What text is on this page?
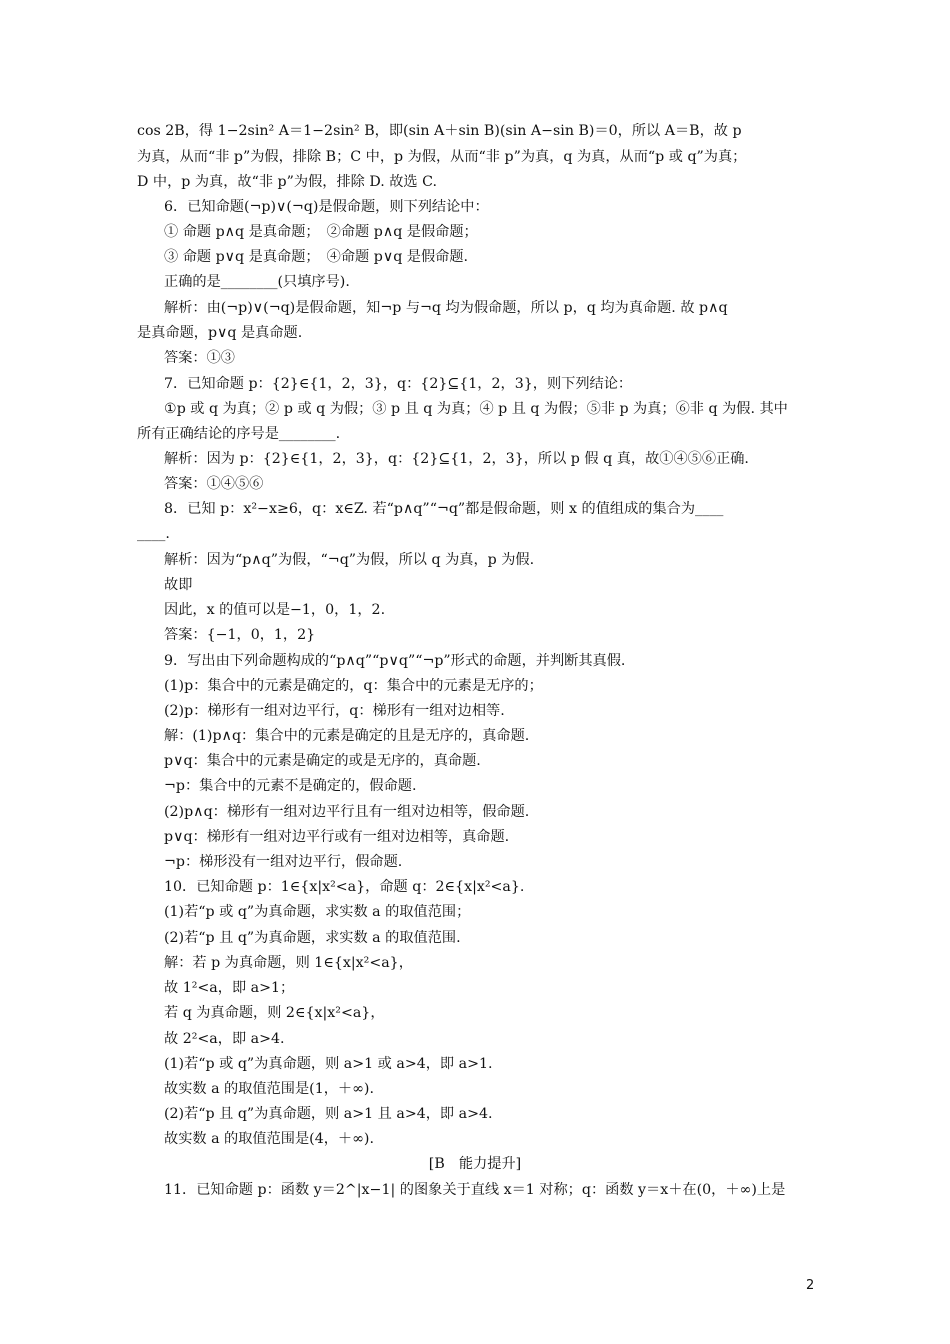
cos 2B，得 1−2sin² A＝1−2sin² B，即(sin A＋sin B)(sin A−sin B)＝0，所以 A＝B，故 p
为真，从而“非 p”为假，排除 B；C 中，p 为假，从而“非 p”为真，q 为真，从而“p 或 q”为真；
D 中，p 为真，故“非 p”为假，排除 D. 故选 C.
6．已知命题(¬p)∨(¬q)是假命题，则下列结论中：
① 命题 p∧q 是真命题；　②命题 p∧q 是假命题；
③ 命题 p∨q 是真命题；　④命题 p∨q 是假命题.
正确的是________(只填序号).
解析：由(¬p)∨(¬q)是假命题，知¬p 与¬q 均为假命题，所以 p，q 均为真命题. 故 p∧q
是真命题，p∨q 是真命题.
答案：①③
7．已知命题 p：{2}∈{1，2，3}，q：{2}⊆{1，2，3}，则下列结论：
①p 或 q 为真；② p 或 q 为假；③ p 且 q 为真；④ p 且 q 为假；⑤非 p 为真；⑥非 q 为假. 其中
所有正确结论的序号是________.
解析：因为 p：{2}∈{1，2，3}，q：{2}⊆{1，2，3}，所以 p 假 q 真，故①④⑤⑥正确.
答案：①④⑤⑥
8．已知 p：x²−x≥6，q：x∈Z. 若“p∧q”“¬q”都是假命题，则 x 的值组成的集合为____
____.
解析：因为“p∧q”为假，“¬q”为假，所以 q 为真，p 为假.
故即
因此，x 的值可以是−1，0，1，2.
答案：{−1，0，1，2}
9．写出由下列命题构成的“p∧q”“p∨q”“¬p”形式的命题，并判断其真假.
(1)p：集合中的元素是确定的，q：集合中的元素是无序的；
(2)p：梯形有一组对边平行，q：梯形有一组对边相等.
解：(1)p∧q：集合中的元素是确定的且是无序的，真命题.
p∨q：集合中的元素是确定的或是无序的，真命题.
¬p：集合中的元素不是确定的，假命题.
(2)p∧q：梯形有一组对边平行且有一组对边相等，假命题.
p∨q：梯形有一组对边平行或有一组对边相等，真命题.
¬p：梯形没有一组对边平行，假命题.
10．已知命题 p：1∈{x|x²<a}，命题 q：2∈{x|x²<a}.
(1)若“p 或 q”为真命题，求实数 a 的取值范围；
(2)若“p 且 q”为真命题，求实数 a 的取值范围.
解：若 p 为真命题，则 1∈{x|x²<a}，
故 1²<a，即 a>1；
若 q 为真命题，则 2∈{x|x²<a}，
故 2²<a，即 a>4.
(1)若“p 或 q”为真命题，则 a>1 或 a>4，即 a>1.
故实数 a 的取值范围是(1，＋∞).
(2)若“p 且 q”为真命题，则 a>1 且 a>4，即 a>4.
故实数 a 的取值范围是(4，＋∞).
[B　能力提升]
11．已知命题 p：函数 y＝2^|x−1| 的图象关于直线 x＝1 对称；q：函数 y＝x＋在(0，＋∞)上是
2
